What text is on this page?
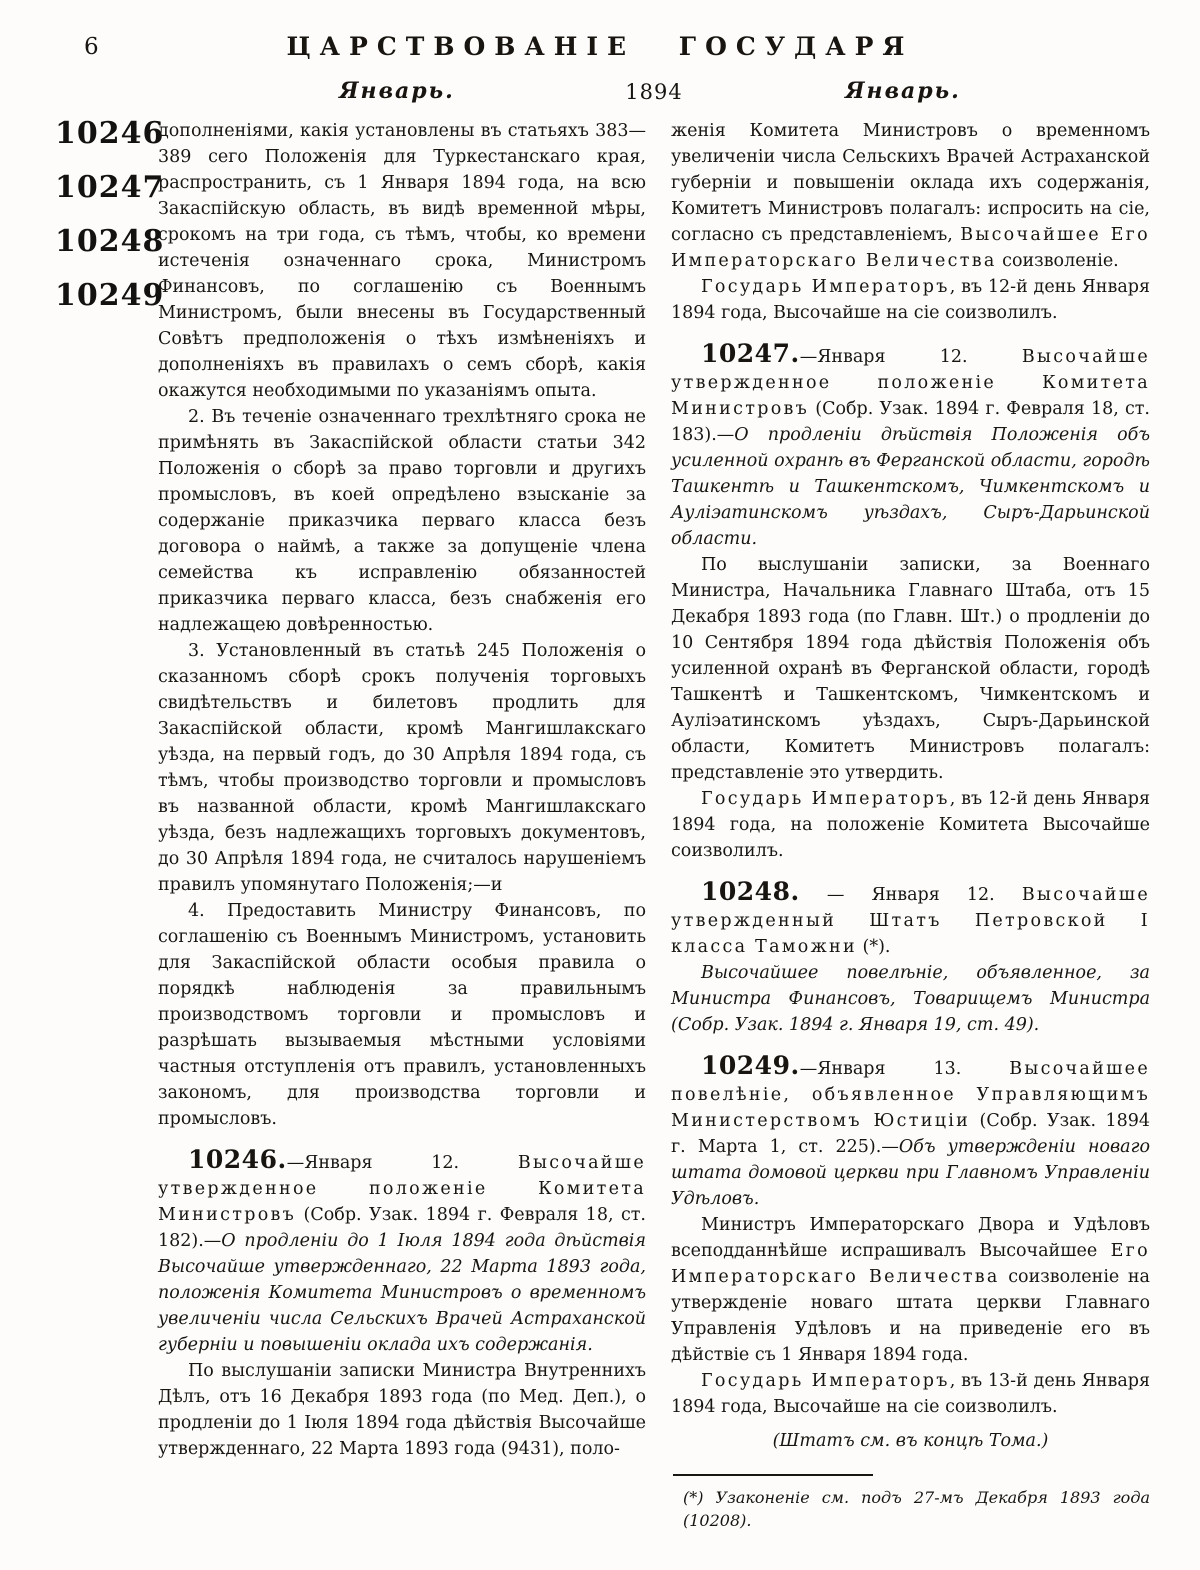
6	ЦАРСТВОВАНІЕ ГОСУДАРЯ
Январь.	1894	Январь.
10246
10247
10248
10249

дополненіями, какія установлены въ статьяхъ 383—389 сего Положенія для Туркестанскаго края, распространить, съ 1 Января 1894 года, на всю Закаспійскую область, въ видѣ временной мѣры, срокомъ на три года, съ тѣмъ, чтобы, ко времени истеченія означеннаго срока, Министромъ Финансовъ, по соглашенію съ Военнымъ Министромъ, были внесены въ Государственный Совѣтъ предположенія о тѣхъ измѣненіяхъ и дополненіяхъ въ правилахъ о семъ сборѣ, какія окажутся необходимыми по указаніямъ опыта.

2. Въ теченіе означеннаго трехлѣтняго срока не примѣнять въ Закаспійской области статьи 342 Положенія о сборѣ за право торговли и другихъ промысловъ, въ коей опредѣлено взысканіе за содержаніе приказчика перваго класса безъ договора о наймѣ, а также за допущеніе члена семейства къ исправленію обязанностей приказчика перваго класса, безъ снабженія его надлежащею довѣренностью.

3. Установленный въ статьѣ 245 Положенія о сказанномъ сборѣ срокъ полученія торговыхъ свидѣтельствъ и билетовъ продлить для Закаспійской области, кромѣ Мангишлакскаго уѣзда, на первый годъ, до 30 Апрѣля 1894 года, съ тѣмъ, чтобы производство торговли и промысловъ въ названной области, кромѣ Мангишлакскаго уѣзда, безъ надлежащихъ торговыхъ документовъ, до 30 Апрѣля 1894 года, не считалось нарушеніемъ правилъ упомянутаго Положенія;—и

4. Предоставить Министру Финансовъ, по соглашенію съ Военнымъ Министромъ, установить для Закаспійской области особыя правила о порядкѣ наблюденія за правильнымъ производствомъ торговли и промысловъ и разрѣшать вызываемыя мѣстными условіями частныя отступленія отъ правилъ, установленныхъ закономъ, для производства торговли и промысловъ.

10246.—Января 12. Высочайше утвержденное положеніе Комитета Министровъ (Собр. Узак. 1894 г. Февраля 18, ст. 182).—О продленіи до 1 Іюля 1894 года дѣйствія Высочайше утвержденнаго, 22 Марта 1893 года, положенія Комитета Министровъ о временномъ увеличеніи числа Сельскихъ Врачей Астраханской губерніи и повышеніи оклада ихъ содержанія.

По выслушаніи записки Министра Внутреннихъ Дѣлъ, отъ 16 Декабря 1893 года (по Мед. Деп.), о продленіи до 1 Іюля 1894 года дѣйствія Высочайше утвержденнаго, 22 Марта 1893 года (9431), поло-

женія Комитета Министровъ о временномъ увеличеніи числа Сельскихъ Врачей Астраханской губерніи и повышеніи оклада ихъ содержанія, Комитетъ Министровъ полагалъ: испросить на сіе, согласно съ представленіемъ, Высочайшее Его Императорскаго Величества соизволеніе.

Государь Императоръ, въ 12-й день Января 1894 года, Высочайше на сіе соизволилъ.

10247.—Января 12. Высочайше утвержденное положеніе Комитета Министровъ (Собр. Узак. 1894 г. Февраля 18, ст. 183).—О продленіи дѣйствія Положенія объ усиленной охранѣ въ Ферганской области, городѣ Ташкентѣ и Ташкентскомъ, Чимкентскомъ и Ауліэатинскомъ уѣздахъ, Сыръ-Дарьинской области.

По выслушаніи записки, за Военнаго Министра, Начальника Главнаго Штаба, отъ 15 Декабря 1893 года (по Главн. Шт.) о продленіи до 10 Сентября 1894 года дѣйствія Положенія объ усиленной охранѣ въ Ферганской области, городѣ Ташкентѣ и Ташкентскомъ, Чимкентскомъ и Ауліэатинскомъ уѣздахъ, Сыръ-Дарьинской области, Комитетъ Министровъ полагалъ: представленіе это утвердить.

Государь Императоръ, въ 12-й день Января 1894 года, на положеніе Комитета Высочайше соизволилъ.

10248. — Января 12. Высочайше утвержденный Штатъ Петровской I класса Таможни (*).

Высочайшее повелѣніе, объявленное, за Министра Финансовъ, Товарищемъ Министра (Собр. Узак. 1894 г. Января 19, ст. 49).

10249.—Января 13. Высочайшее повелѣніе, объявленное Управляющимъ Министерствомъ Юстиціи (Собр. Узак. 1894 г. Марта 1, ст. 225).—Объ утвержденіи новаго штата домовой церкви при Главномъ Управленіи Удѣловъ.

Министръ Императорскаго Двора и Удѣловъ всеподданнѣйше испрашивалъ Высочайшее Его Императорскаго Величества соизволеніе на утвержденіе новаго штата церкви Главнаго Управленія Удѣловъ и на приведеніе его въ дѣйствіе съ 1 Января 1894 года.

Государь Императоръ, въ 13-й день Января 1894 года, Высочайше на сіе соизволилъ.

(Штатъ см. въ концѣ Тома.)

(*) Узаконеніе см. подъ 27-мъ Декабря 1893 года (10208).
